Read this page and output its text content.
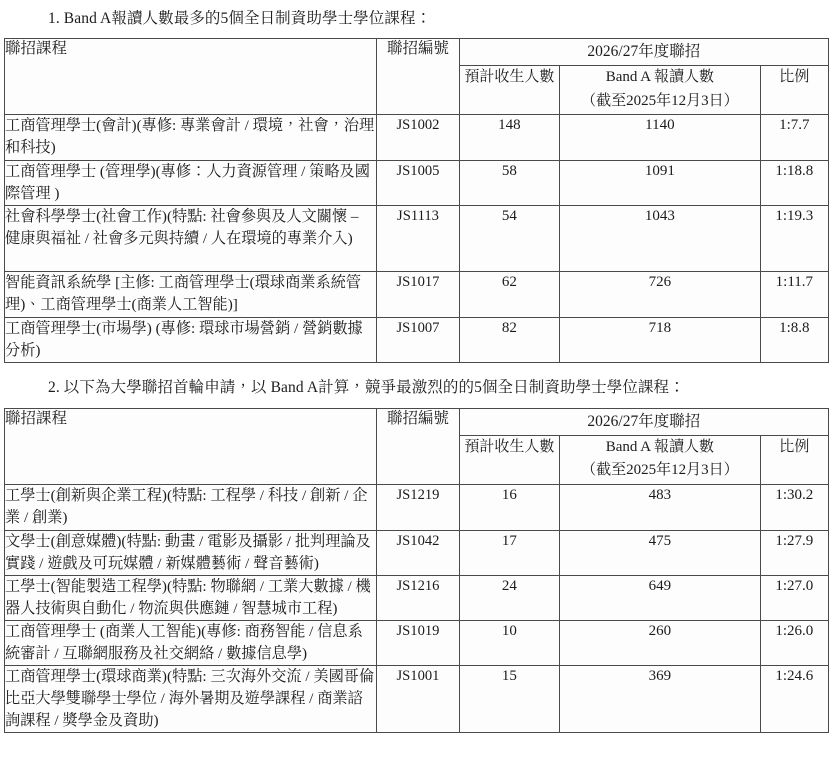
1. Band A報讀人數最多的5個全日制資助學士學位課程：
聯招課程	聯招編號	2026/27年度聯招		
		預計收生人數	Band A 報讀人數
（截至2025年12月3日）	比例
工商管理學士(會計)(專修: 專業會計 / 環境，社會，治理和科技)	JS1002	148	1140	1:7.7
工商管理學士 (管理學)(專修：人力資源管理 / 策略及國際管理 )	JS1005	58	1091	1:18.8
社會科學學士(社會工作)(特點: 社會參與及人文關懷 – 健康與福祉 / 社會多元與持續 / 人在環境的專業介入)	JS1113	54	1043	1:19.3
智能資訊系統學 [主修: 工商管理學士(環球商業系統管理)、工商管理學士(商業人工智能)]	JS1017	62	726	1:11.7
工商管理學士(市場學) (專修: 環球市場營銷 / 營銷數據分析)	JS1007	82	718	1:8.8
2. 以下為大學聯招首輪申請，以 Band A計算，競爭最激烈的的5個全日制資助學士學位課程：
聯招課程	聯招編號	2026/27年度聯招		
		預計收生人數	Band A 報讀人數
（截至2025年12月3日）	比例
工學士(創新與企業工程)(特點: 工程學 / 科技 / 創新 / 企業 / 創業)	JS1219	16	483	1:30.2
文學士(創意媒體)(特點: 動畫 / 電影及攝影 / 批判理論及實踐 / 遊戲及可玩媒體 / 新媒體藝術 / 聲音藝術)	JS1042	17	475	1:27.9
工學士(智能製造工程學)(特點: 物聯網 / 工業大數據 / 機器人技術與自動化 / 物流與供應鏈 / 智慧城市工程)	JS1216	24	649	1:27.0
工商管理學士 (商業人工智能)(專修: 商務智能 / 信息系統審計 / 互聯網服務及社交網絡 / 數據信息學)	JS1019	10	260	1:26.0
工商管理學士(環球商業)(特點: 三次海外交流 / 美國哥倫比亞大學雙聯學士學位 / 海外暑期及遊學課程 / 商業諮詢課程 / 獎學金及資助)	JS1001	15	369	1:24.6
